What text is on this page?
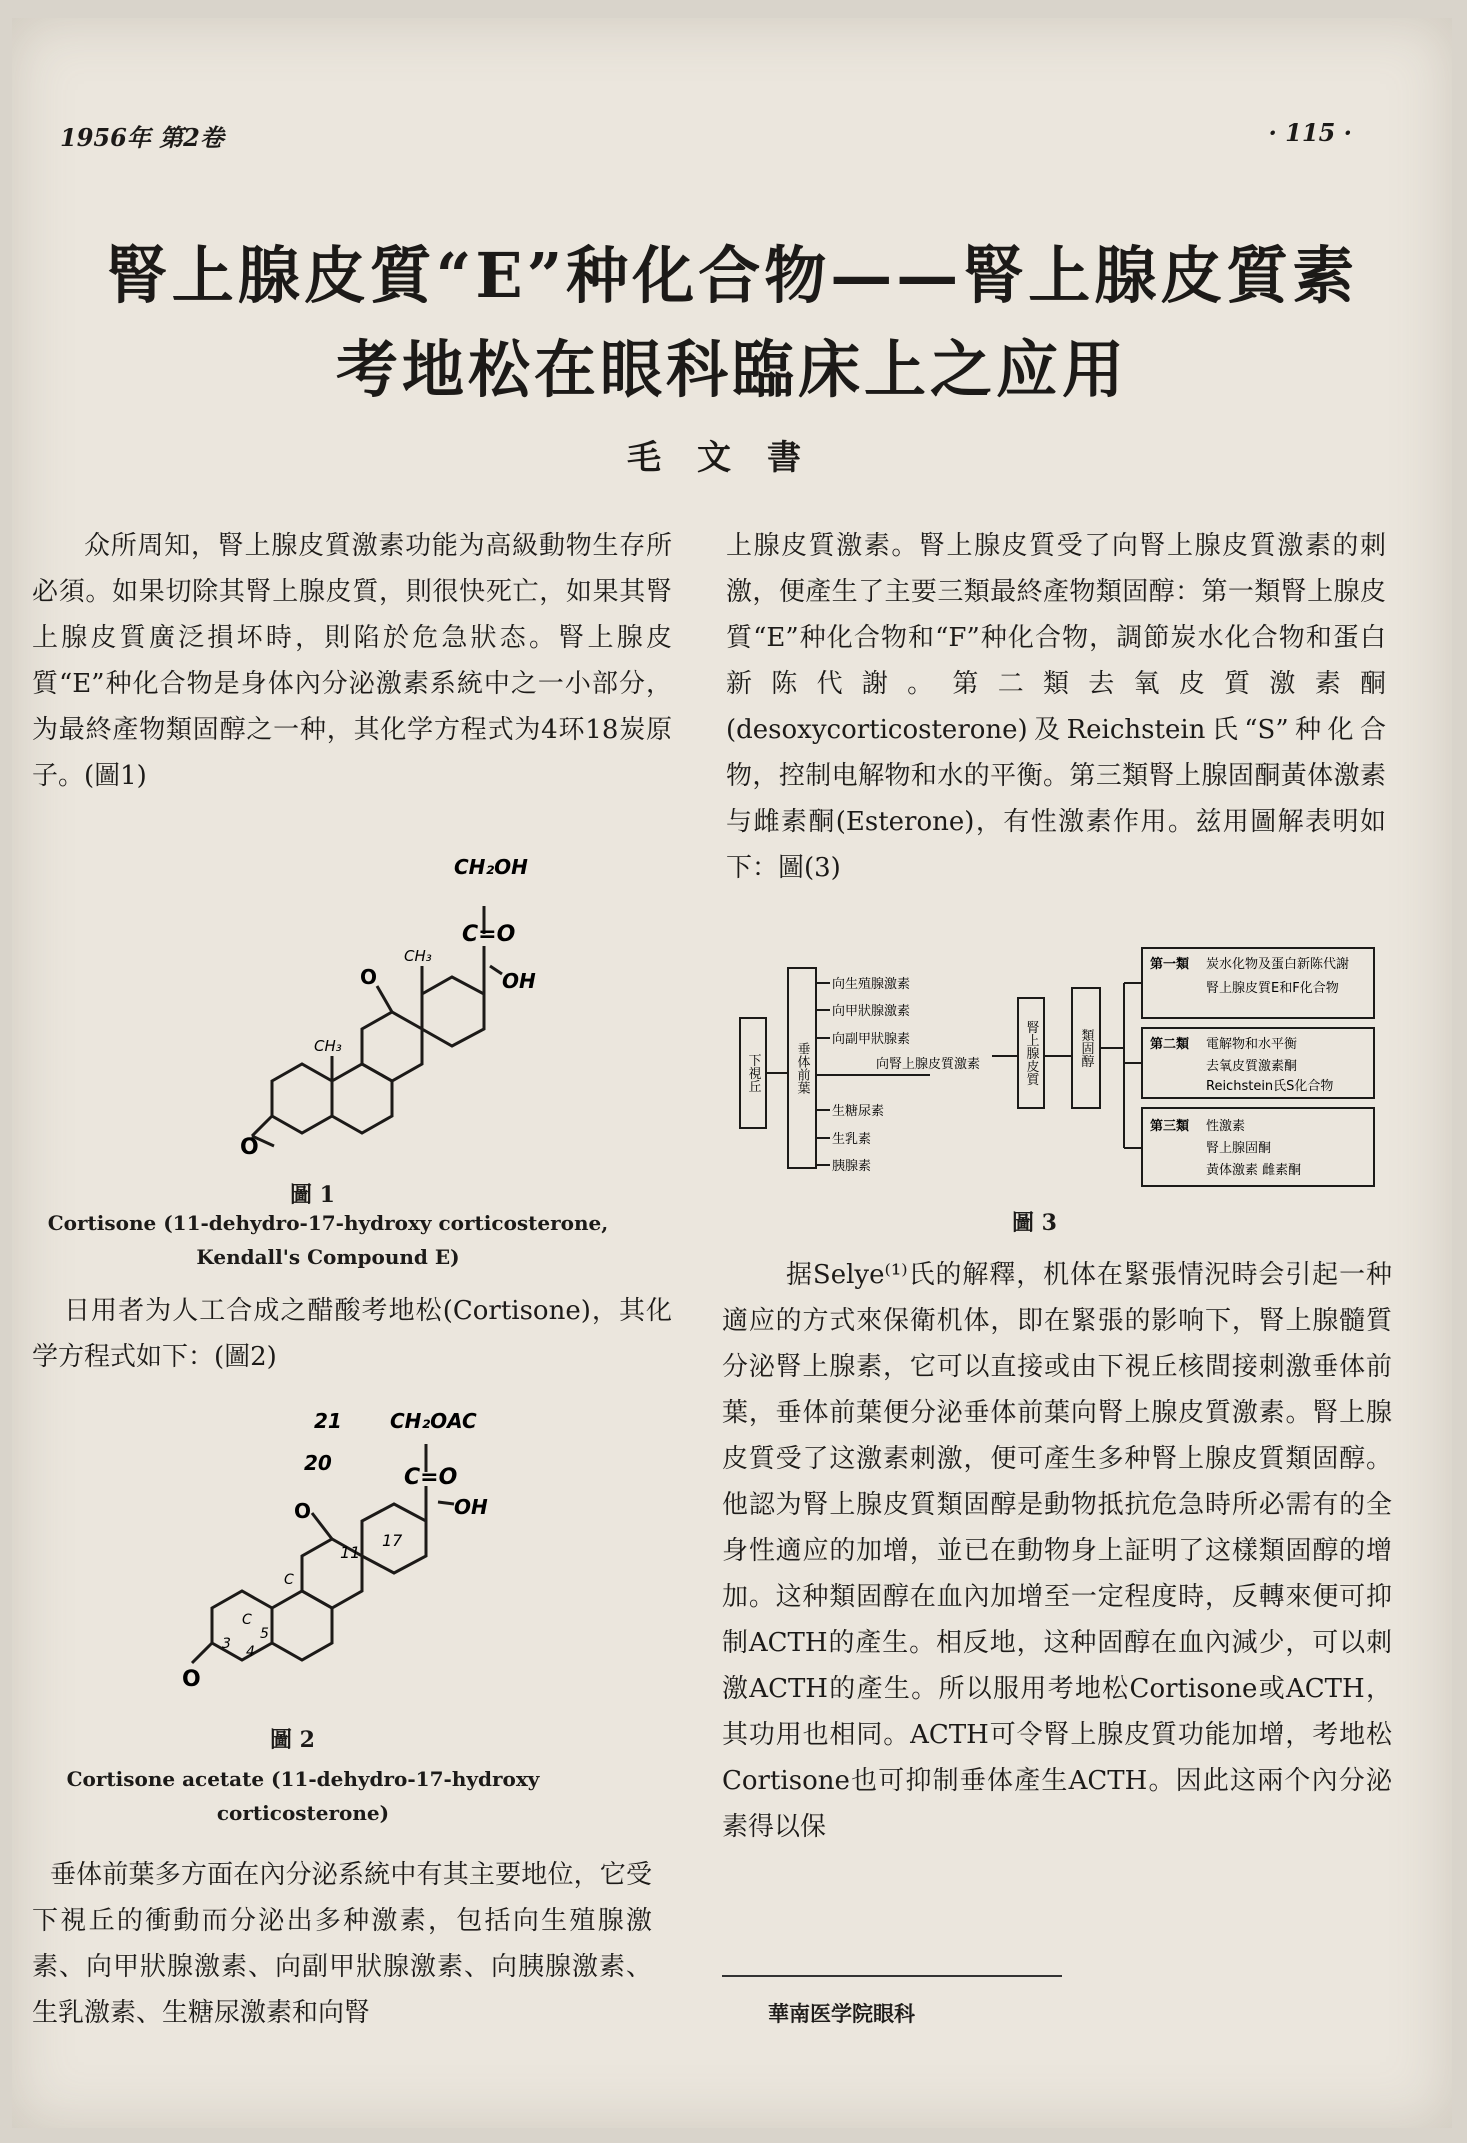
1956年 第2卷	· 115 ·
腎上腺皮質“E”种化合物——腎上腺皮質素
考地松在眼科臨床上之应用
毛文書

众所周知，腎上腺皮質激素功能为高級動物生存所必須。如果切除其腎上腺皮質，則很快死亡，如果其腎上腺皮質廣泛損坏時，則陷於危急狀态。腎上腺皮質“E”种化合物是身体內分泌激素系統中之一小部分，为最終產物類固醇之一种，其化学方程式为4环18炭原子。(圖1)

O
O
CH₃
CH₃
C=O
CH₂OH
OH
圖 1
Cortisone (11-dehydro-17-hydroxy corticosterone,
Kendall's Compound E)

日用者为人工合成之醋酸考地松(Cortisone)，其化学方程式如下：(圖2)

O
O
C=O
CH₂OAC
OH
21
20
11
17
C
C
3 4
5
圖 2
Cortisone acetate (11-dehydro-17-hydroxy
corticosterone)

垂体前葉多方面在內分泌系統中有其主要地位，它受下視丘的衝動而分泌出多种激素，包括向生殖腺激素、向甲狀腺激素、向副甲狀腺激素、向胰腺激素、生乳激素、生糖尿激素和向腎

上腺皮質激素。腎上腺皮質受了向腎上腺皮質激素的刺激，便產生了主要三類最終產物類固醇：第一類腎上腺皮質“E”种化合物和“F”种化合物，調節炭水化合物和蛋白新陈代謝。第二類去氧皮質激素酮(desoxycorticosterone)及Reichstein氏“S”种化合物，控制电解物和水的平衡。第三類腎上腺固酮黃体激素与雌素酮(Esterone)，有性激素作用。兹用圖解表明如下：圖(3)

下視丘	垂体前葉
向生殖腺激素
向甲狀腺激素
向副甲狀腺素
生糖尿素
生乳素
胰腺素
向腎上腺皮質激素	腎上腺皮質	類固醇
第一類 炭水化物及蛋白新陈代謝
腎上腺皮質E和F化合物
第二類 電解物和水平衡
去氧皮質激素酮
Reichstein氏S化合物
第三類 性激素
腎上腺固酮
黃体激素 雌素酮
圖 3

据Selye⁽¹⁾氏的解釋，机体在緊張情況時会引起一种適应的方式來保衛机体，即在緊張的影响下，腎上腺髓質分泌腎上腺素，它可以直接或由下視丘核間接刺激垂体前葉，垂体前葉便分泌垂体前葉向腎上腺皮質激素。腎上腺皮質受了这激素刺激，便可產生多种腎上腺皮質類固醇。他認为腎上腺皮質類固醇是動物抵抗危急時所必需有的全身性適应的加增，並已在動物身上証明了这樣類固醇的增加。这种類固醇在血內加增至一定程度時，反轉來便可抑制ACTH的產生。相反地，这种固醇在血內減少，可以刺激ACTH的產生。所以服用考地松Cortisone或ACTH，其功用也相同。ACTH可令腎上腺皮質功能加增，考地松Cortisone也可抑制垂体產生ACTH。因此这兩个內分泌素得以保

華南医学院眼科
